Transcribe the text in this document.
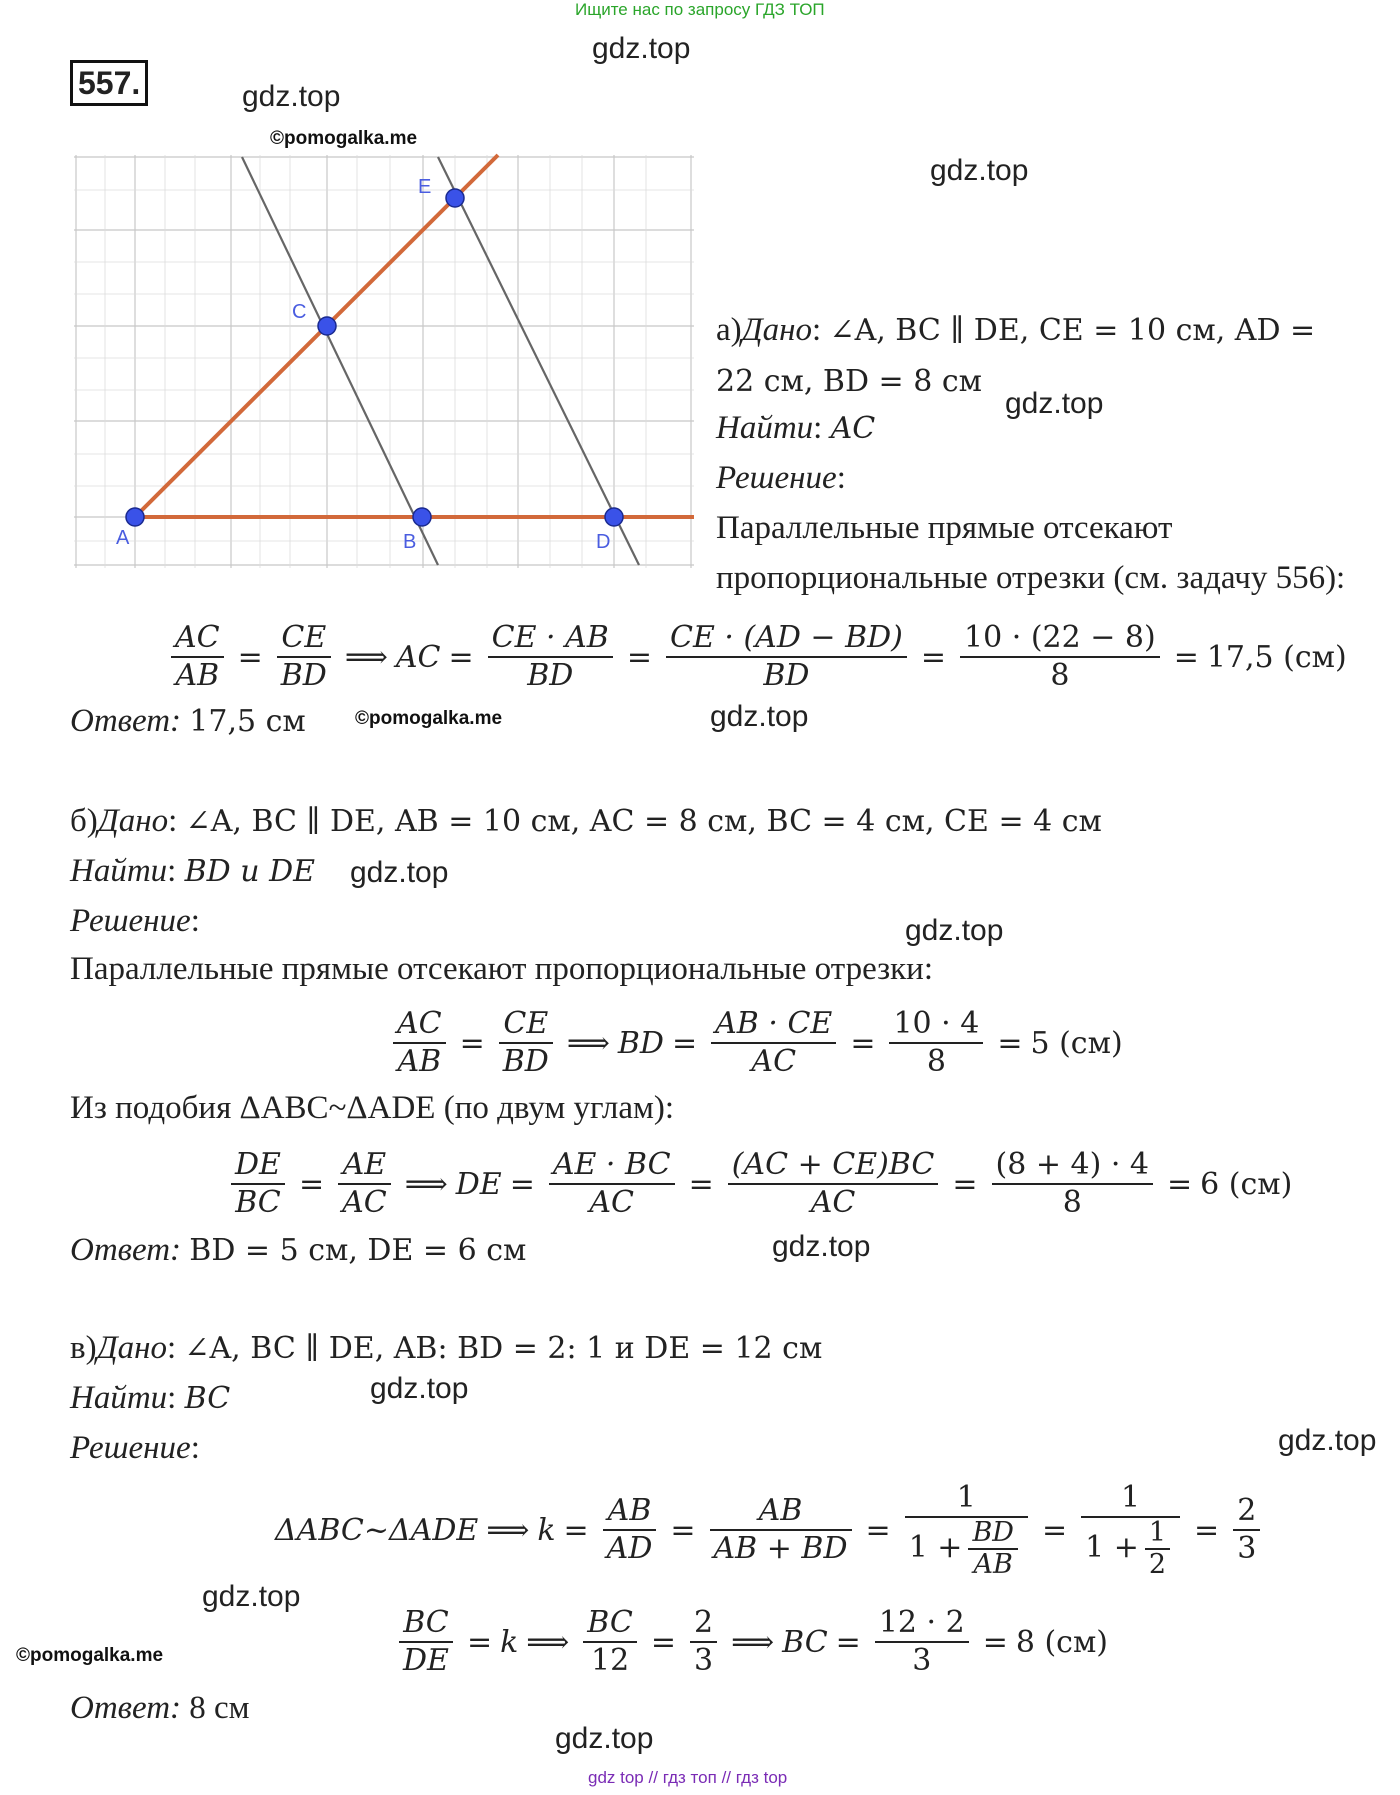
Ищите нас по запросу ГДЗ ТОП
557.
gdz.top
gdz.top
©pomogalka.me
gdz.top
gdz.top
©pomogalka.me	gdz.top
gdz.top
gdz.top
gdz.top
gdz.top
gdz.top
gdz.top
©pomogalka.me
gdz.top
A	B	D
C
E
а)Дано: ∠A, BC ∥ DE, CE = 10 см, AD =
22 см, BD = 8 см
Найти: AC
Решение:
Параллельные прямые отсекают
пропорциональные отрезки (см. задачу 556):
$\frac{AC}{AB} = \frac{CE}{BD}$ ⟹ AC = $\frac{CE \cdot AB}{BD} = \frac{CE \cdot (AD - BD)}{BD} = \frac{10 \cdot (22 - 8)}{8} = 17,5$ (см)
Ответ: 17,5 см
б)Дано: ∠A, BC ∥ DE, AB = 10 см, AC = 8 см, BC = 4 см, CE = 4 см
Найти: BD и DE
Решение:
Параллельные прямые отсекают пропорциональные отрезки:
$\frac{AC}{AB} = \frac{CE}{BD}$ ⟹ BD = $\frac{AB \cdot CE}{AC} = \frac{10 \cdot 4}{8} = 5$ (см)
Из подобия ΔABC~ΔADE (по двум углам):
$\frac{DE}{BC} = \frac{AE}{AC}$ ⟹ DE = $\frac{AE \cdot BC}{AC} = \frac{(AC + CE)BC}{AC} = \frac{(8 + 4) \cdot 4}{8} = 6$ (см)
Ответ: BD = 5 см, DE = 6 см
в)Дано: ∠A, BC ∥ DE, AB: BD = 2: 1 и DE = 12 см
Найти: BC
Решение:
ΔABC~ΔADE ⟹ $k = \frac{AB}{AD} = \frac{AB}{AB + BD} = \frac{1}{1 + \frac{BD}{AB}} = \frac{1}{1 + \frac{1}{2}} = \frac{2}{3}$
$\frac{BC}{DE} = k$ ⟹ $\frac{BC}{12} = \frac{2}{3}$ ⟹ BC = $\frac{12 \cdot 2}{3} = 8$ (см)
Ответ: 8 см
gdz top // гдз топ // гдз top
